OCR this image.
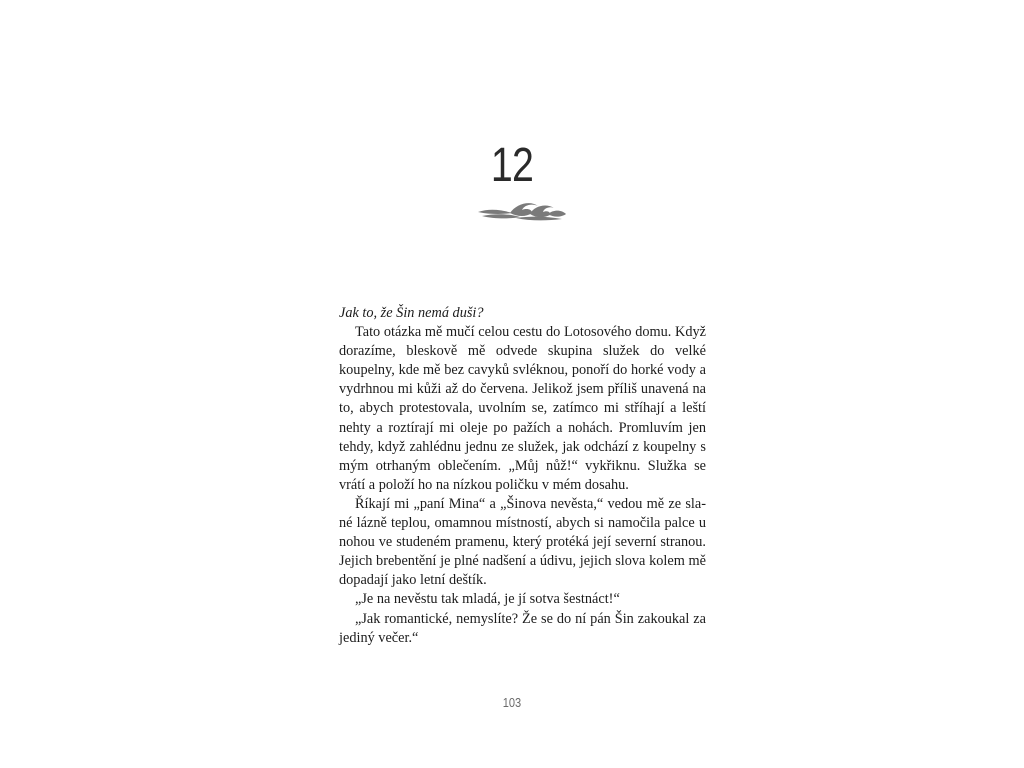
12

Jak to, že Šin nemá duši?

Tato otázka mě mučí celou cestu do Lotosového domu. Když dorazíme, bleskově mě odvede skupina služek do velké koupelny, kde mě bez cavyků svléknou, ponoří do horké vody a vydrhnou mi kůži až do červena. Jelikož jsem příliš unavená na to, abych protestovala, uvolním se, zatímco mi stříhají a leští nehty a roztírají mi oleje po pažích a nohách. Promluvím jen tehdy, když zahlédnu jednu ze služek, jak odchází z koupelny s mým otrhaným oblečením. „Můj nůž!“ vykřiknu. Služka se vrátí a položí ho na nízkou poličku v mém dosahu.

Říkají mi „paní Mina“ a „Šinova nevěsta,“ vedou mě ze slané lázně teplou, omamnou místností, abych si namočila palce u nohou ve studeném pramenu, který protéká její severní stranou. Jejich brebentění je plné nadšení a údivu, jejich slova kolem mě dopadají jako letní deštík.

„Je na nevěstu tak mladá, je jí sotva šestnáct!“

„Jak romantické, nemyslíte? Že se do ní pán Šin zakoukal za jediný večer.“

103
